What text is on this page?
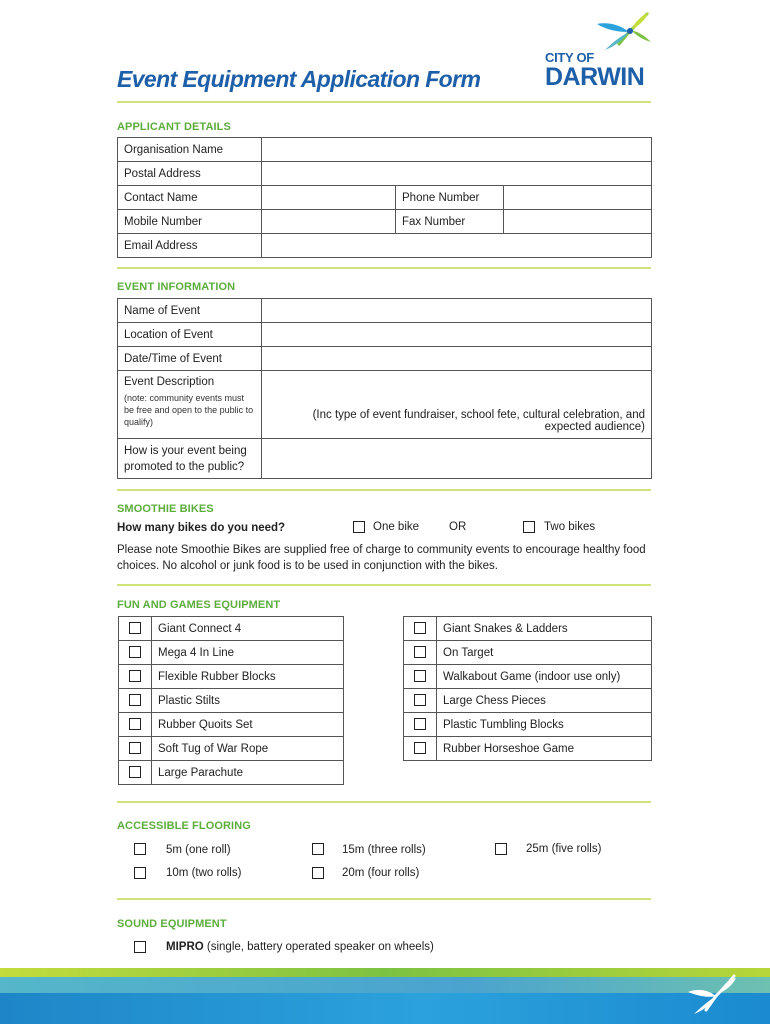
Event Equipment Application Form
CITY OF
DARWIN
APPLICANT DETAILS
Organisation Name			
Postal Address			
Contact Name		Phone Number	
Mobile Number		Fax Number	
Email Address			
EVENT INFORMATION
Name of Event	
Location of Event	
Date/Time of Event	

Event Description
(note: community events must be free and open to the public to qualify)	(Inc type of event fundraiser, school fete, cultural celebration, and expected audience)
How is your event being promoted to the public?	
SMOOTHIE BIKES
How many bikes do you need?	One bike	OR	Two bikes
Please note Smoothie Bikes are supplied free of charge to community events to encourage healthy food choices. No alcohol or junk food is to be used in conjunction with the bikes.
FUN AND GAMES EQUIPMENT
	Giant Connect 4
	Mega 4 In Line
	Flexible Rubber Blocks
	Plastic Stilts
	Rubber Quoits Set
	Soft Tug of War Rope
	Large Parachute
	Giant Snakes & Ladders
	On Target
	Walkabout Game (indoor use only)
	Large Chess Pieces
	Plastic Tumbling Blocks
	Rubber Horseshoe Game
ACCESSIBLE FLOORING
5m (one roll)	15m (three rolls)	25m (five rolls)
10m (two rolls)	20m (four rolls)
SOUND EQUIPMENT
MIPRO (single, battery operated speaker on wheels)
